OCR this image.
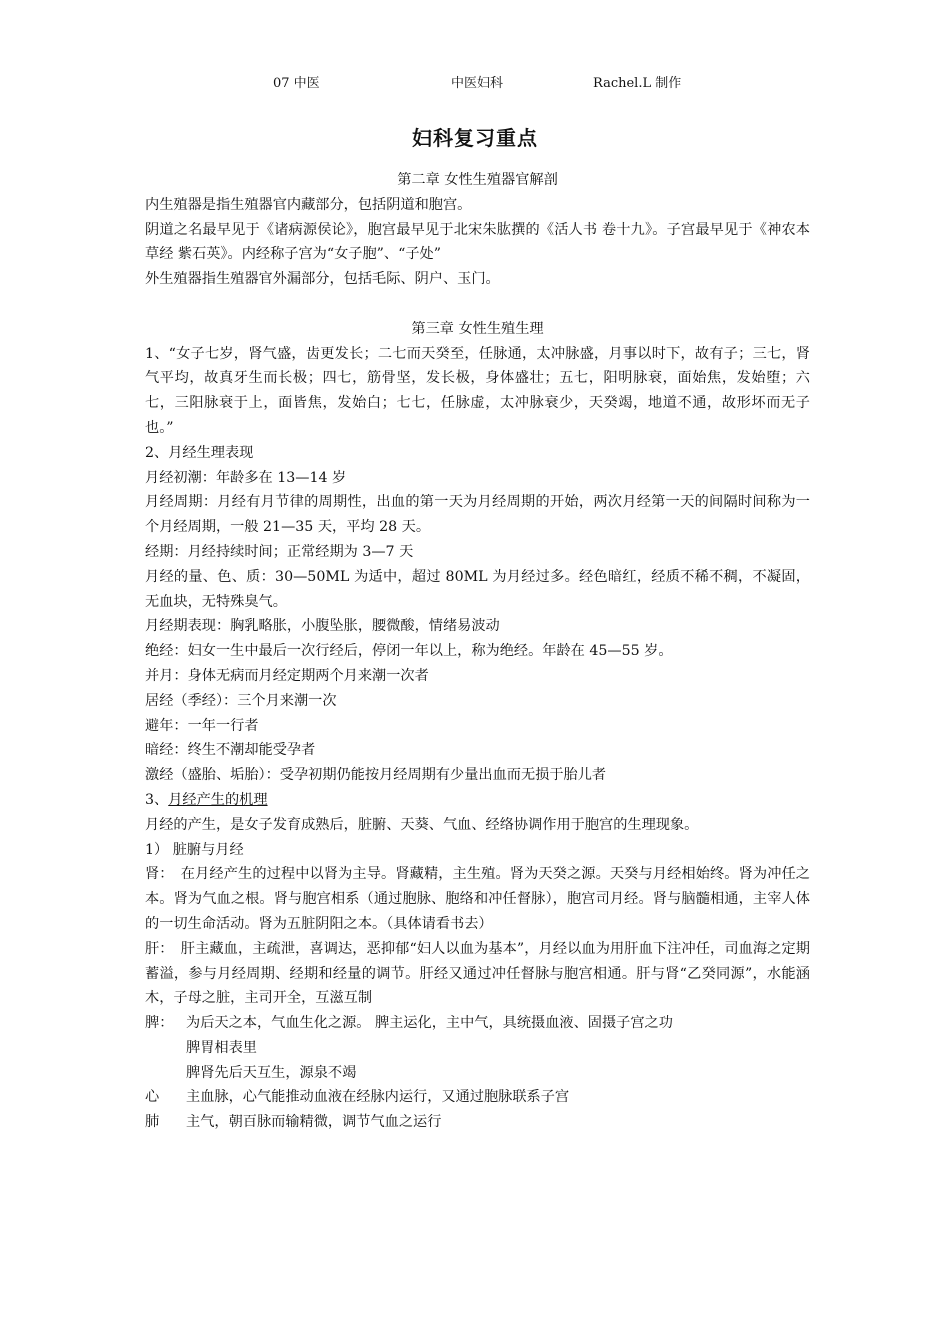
07 中医	中医妇科	Rachel.L 制作
妇科复习重点

第二章 女性生殖器官解剖

内生殖器是指生殖器官内藏部分，包括阴道和胞宫。

阴道之名最早见于《诸病源侯论》，胞宫最早见于北宋朱肱撰的《活人书 卷十九》。子宫最早见于《神农本草经 紫石英》。内经称子宫为“女子胞”、“子处”

外生殖器指生殖器官外漏部分，包括毛际、阴户、玉门。

第三章 女性生殖生理

1、“女子七岁，肾气盛，齿更发长；二七而天癸至，任脉通，太冲脉盛，月事以时下，故有子；三七，肾气平均，故真牙生而长极；四七，筋骨坚，发长极，身体盛壮；五七，阳明脉衰，面始焦，发始堕；六七，三阳脉衰于上，面皆焦，发始白；七七，任脉虚，太冲脉衰少，天癸竭，地道不通，故形坏而无子也。”

2、月经生理表现

月经初潮：年龄多在 13—14 岁

月经周期：月经有月节律的周期性，出血的第一天为月经周期的开始，两次月经第一天的间隔时间称为一个月经周期，一般 21—35 天，平均 28 天。

经期：月经持续时间；正常经期为 3—7 天

月经的量、色、质：30—50ML 为适中，超过 80ML 为月经过多。经色暗红，经质不稀不稠，不凝固，无血块，无特殊臭气。

月经期表现：胸乳略胀，小腹坠胀，腰微酸，情绪易波动

绝经：妇女一生中最后一次行经后，停闭一年以上，称为绝经。年龄在 45—55 岁。

并月：身体无病而月经定期两个月来潮一次者

居经（季经）：三个月来潮一次

避年：一年一行者

暗经：终生不潮却能受孕者

激经（盛胎、垢胎）：受孕初期仍能按月经周期有少量出血而无损于胎儿者

3、月经产生的机理

月经的产生，是女子发育成熟后，脏腑、天葵、气血、经络协调作用于胞宫的生理现象。

1） 脏腑与月经

肾：　在月经产生的过程中以肾为主导。肾藏精，主生殖。肾为天癸之源。天癸与月经相始终。肾为冲任之本。肾为气血之根。肾与胞宫相系（通过胞脉、胞络和冲任督脉），胞宫司月经。肾与脑髓相通，主宰人体的一切生命活动。肾为五脏阴阳之本。（具体请看书去）

肝：　肝主藏血，主疏泄，喜调达，恶抑郁“妇人以血为基本”，月经以血为用肝血下注冲任，司血海之定期蓄溢，参与月经周期、经期和经量的调节。肝经又通过冲任督脉与胞宫相通。肝与肾“乙癸同源”，水能涵木，子母之脏，主司开全，互滋互制

脾： 为后天之本，气血生化之源。 脾主运化，主中气，具统摄血液、固摄子宫之功

脾胃相表里

脾肾先后天互生，源泉不竭

心	主血脉，心气能推动血液在经脉内运行，又通过胞脉联系子宫
肺	主气，朝百脉而输精微，调节气血之运行
